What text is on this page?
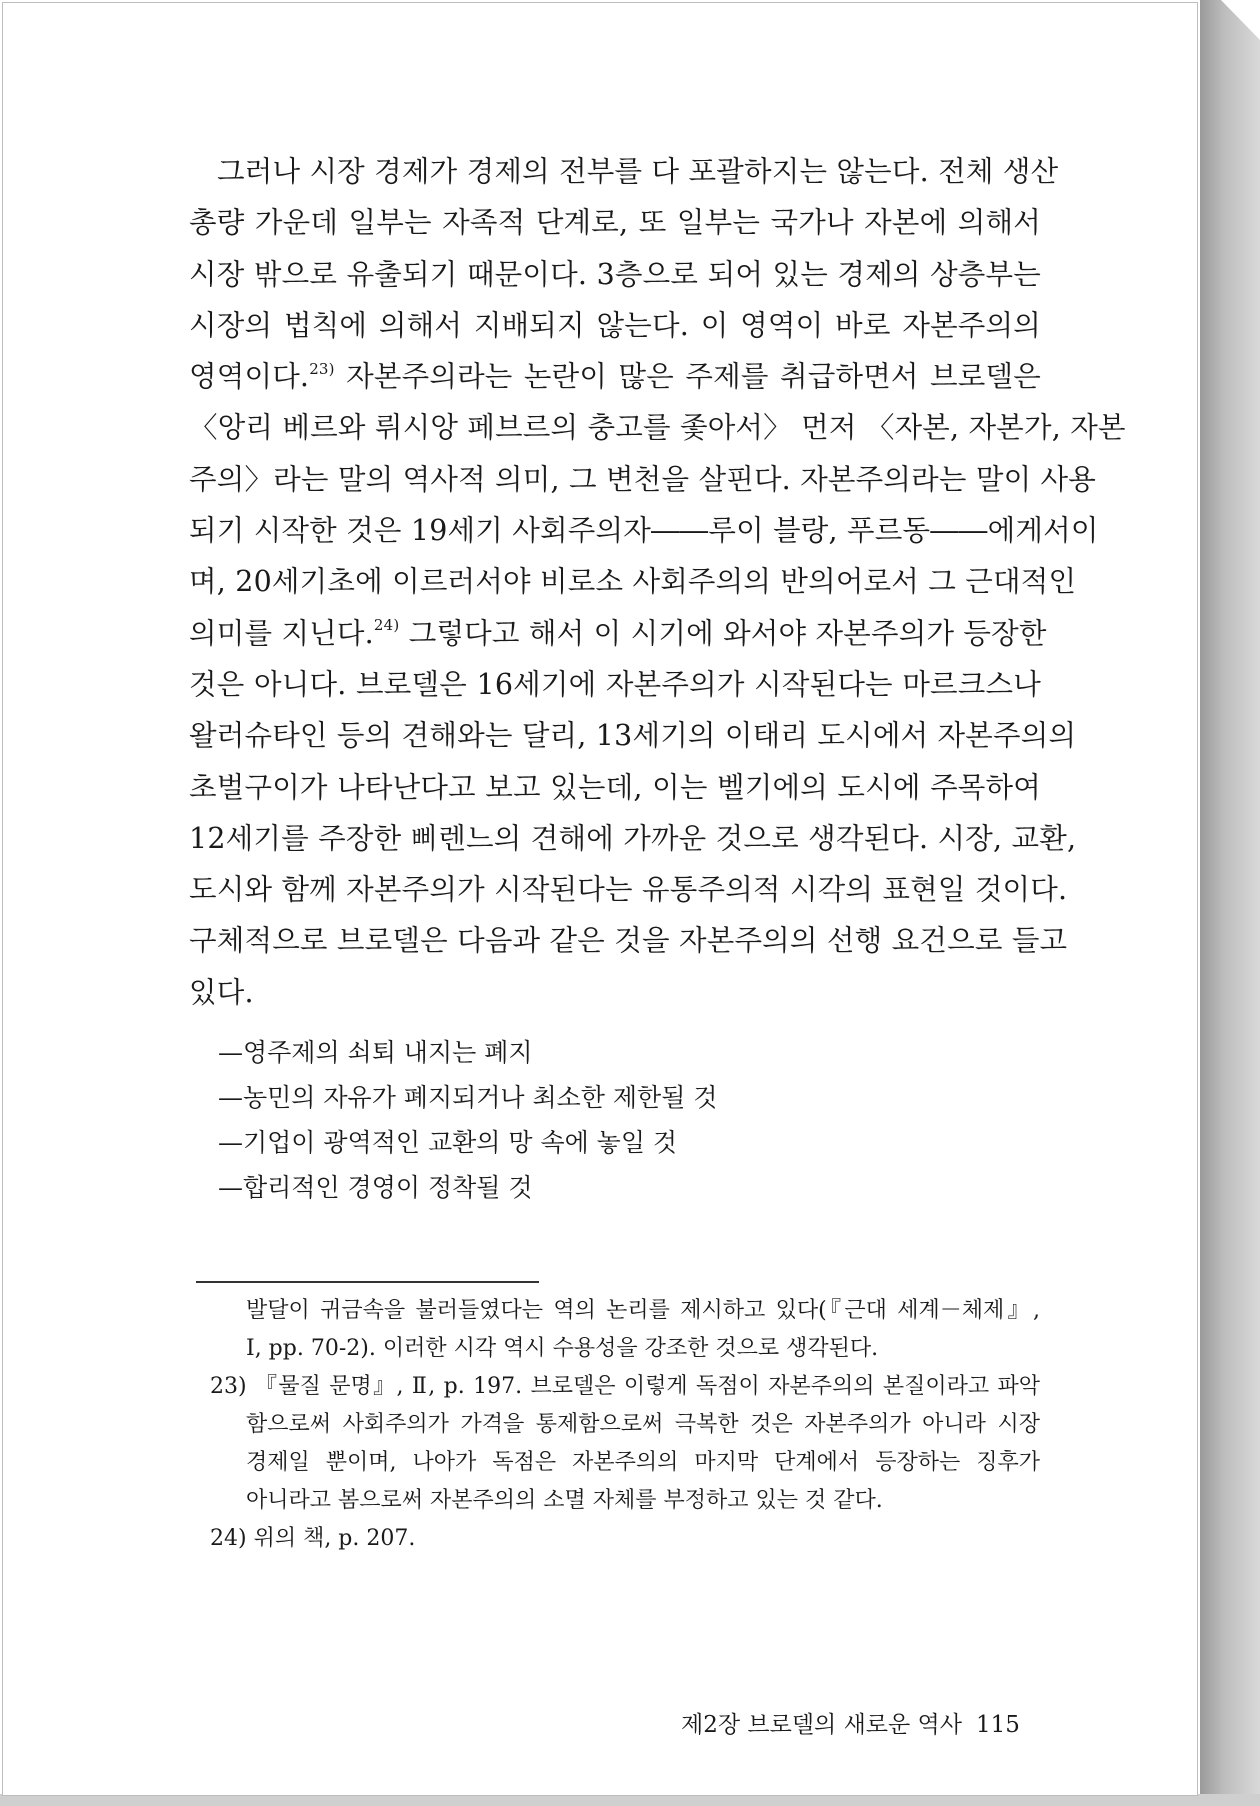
그러나 시장 경제가 경제의 전부를 다 포괄하지는 않는다. 전체 생산
총량 가운데 일부는 자족적 단계로, 또 일부는 국가나 자본에 의해서
시장 밖으로 유출되기 때문이다. 3층으로 되어 있는 경제의 상층부는
시장의 법칙에 의해서 지배되지 않는다. 이 영역이 바로 자본주의의
영역이다.$^{23)}$ 자본주의라는 논란이 많은 주제를 취급하면서 브로델은
〈앙리 베르와 뤼시앙 페브르의 충고를 좇아서〉 먼저 〈자본, 자본가, 자본
주의〉라는 말의 역사적 의미, 그 변천을 살핀다. 자본주의라는 말이 사용
되기 시작한 것은 19세기 사회주의자――루이 블랑, 푸르동――에게서이
며, 20세기초에 이르러서야 비로소 사회주의의 반의어로서 그 근대적인
의미를 지닌다.$^{24)}$ 그렇다고 해서 이 시기에 와서야 자본주의가 등장한
것은 아니다. 브로델은 16세기에 자본주의가 시작된다는 마르크스나
왈러슈타인 등의 견해와는 달리, 13세기의 이태리 도시에서 자본주의의
초벌구이가 나타난다고 보고 있는데, 이는 벨기에의 도시에 주목하여
12세기를 주장한 삐렌느의 견해에 가까운 것으로 생각된다. 시장, 교환,
도시와 함께 자본주의가 시작된다는 유통주의적 시각의 표현일 것이다.
구체적으로 브로델은 다음과 같은 것을 자본주의의 선행 요건으로 들고
있다.
—영주제의 쇠퇴 내지는 폐지
—농민의 자유가 폐지되거나 최소한 제한될 것
—기업이 광역적인 교환의 망 속에 놓일 것
—합리적인 경영이 정착될 것
발달이 귀금속을 불러들였다는 역의 논리를 제시하고 있다(『근대 세계－체제』,
Ⅰ, pp. 70-2). 이러한 시각 역시 수용성을 강조한 것으로 생각된다.
23) 『물질 문명』, Ⅱ, p. 197. 브로델은 이렇게 독점이 자본주의의 본질이라고 파악
함으로써 사회주의가 가격을 통제함으로써 극복한 것은 자본주의가 아니라 시장
경제일 뿐이며, 나아가 독점은 자본주의의 마지막 단계에서 등장하는 징후가
아니라고 봄으로써 자본주의의 소멸 자체를 부정하고 있는 것 같다.
24) 위의 책, p. 207.
제2장 브로델의 새로운 역사 115
